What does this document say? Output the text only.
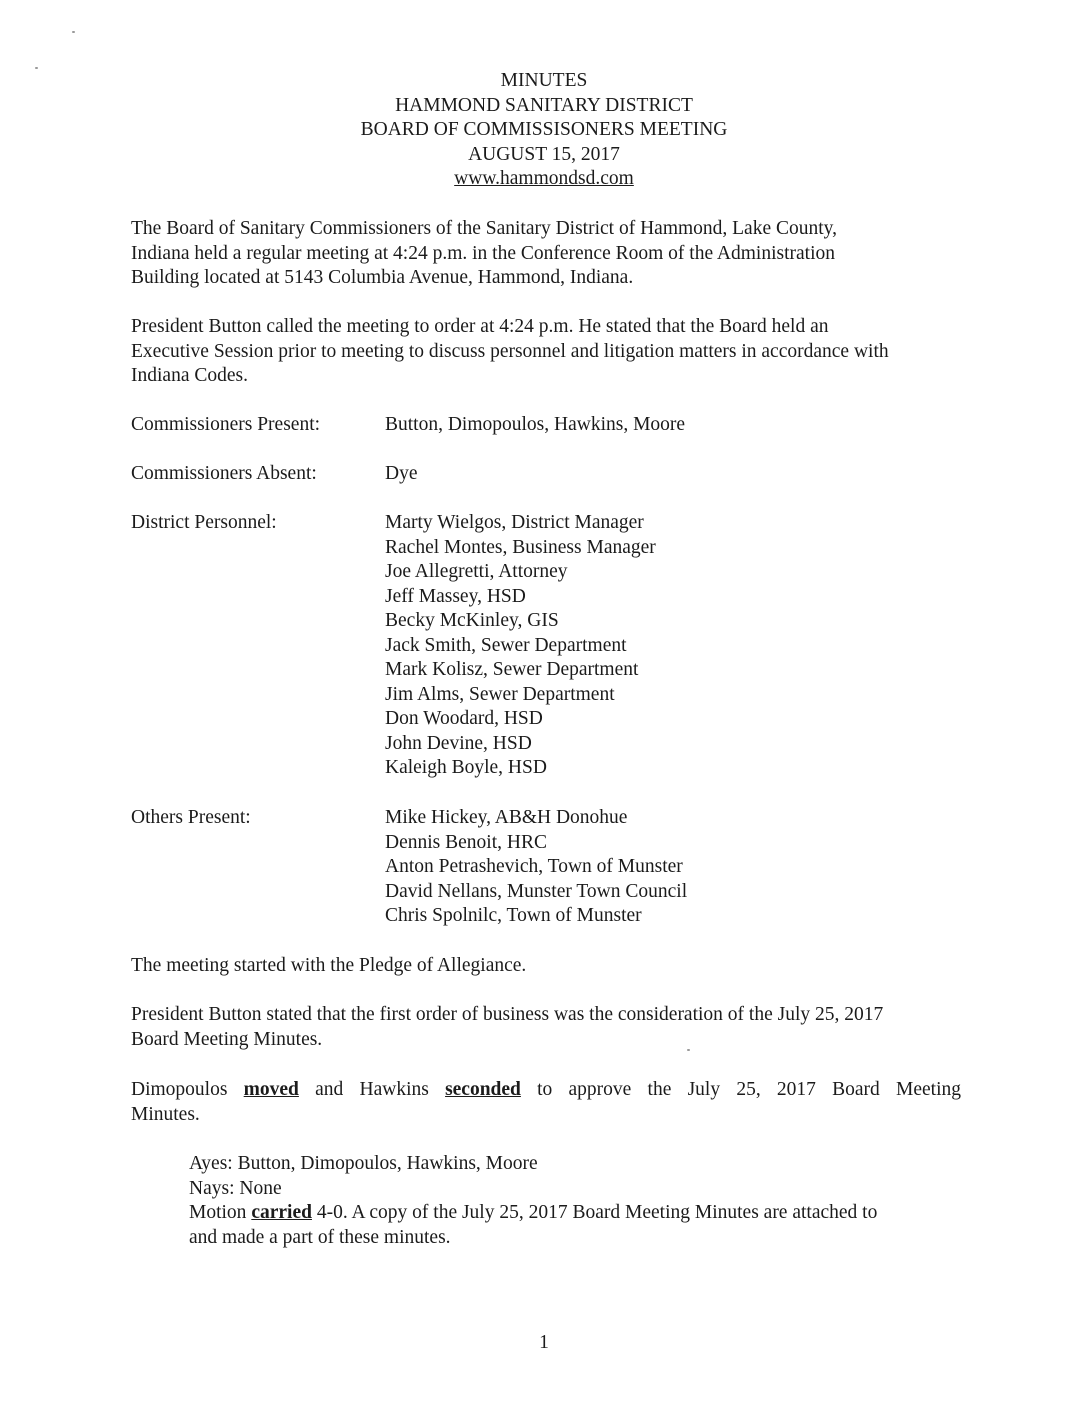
MINUTES
HAMMOND SANITARY DISTRICT
BOARD OF COMMISSISONERS MEETING
AUGUST 15, 2017
www.hammondsd.com
The Board of Sanitary Commissioners of the Sanitary District of Hammond, Lake County,
Indiana held a regular meeting at 4:24 p.m. in the Conference Room of the Administration
Building located at 5143 Columbia Avenue, Hammond, Indiana.
President Button called the meeting to order at 4:24 p.m. He stated that the Board held an
Executive Session prior to meeting to discuss personnel and litigation matters in accordance with
Indiana Codes.
Commissioners Present:	Button, Dimopoulos, Hawkins, Moore
Commissioners Absent:	Dye
District Personnel:	Marty Wielgos, District Manager
Rachel Montes, Business Manager
Joe Allegretti, Attorney
Jeff Massey, HSD
Becky McKinley, GIS
Jack Smith, Sewer Department
Mark Kolisz, Sewer Department
Jim Alms, Sewer Department
Don Woodard, HSD
John Devine, HSD
Kaleigh Boyle, HSD
Others Present:	Mike Hickey, AB&H Donohue
Dennis Benoit, HRC
Anton Petrashevich, Town of Munster
David Nellans, Munster Town Council
Chris Spolnilc, Town of Munster
The meeting started with the Pledge of Allegiance.
President Button stated that the first order of business was the consideration of the July 25, 2017
Board Meeting Minutes.
Dimopoulos moved and Hawkins seconded to approve the July 25, 2017 Board Meeting
Minutes.
Ayes: Button, Dimopoulos, Hawkins, Moore
Nays: None
Motion carried 4-0. A copy of the July 25, 2017 Board Meeting Minutes are attached to
and made a part of these minutes.
1
